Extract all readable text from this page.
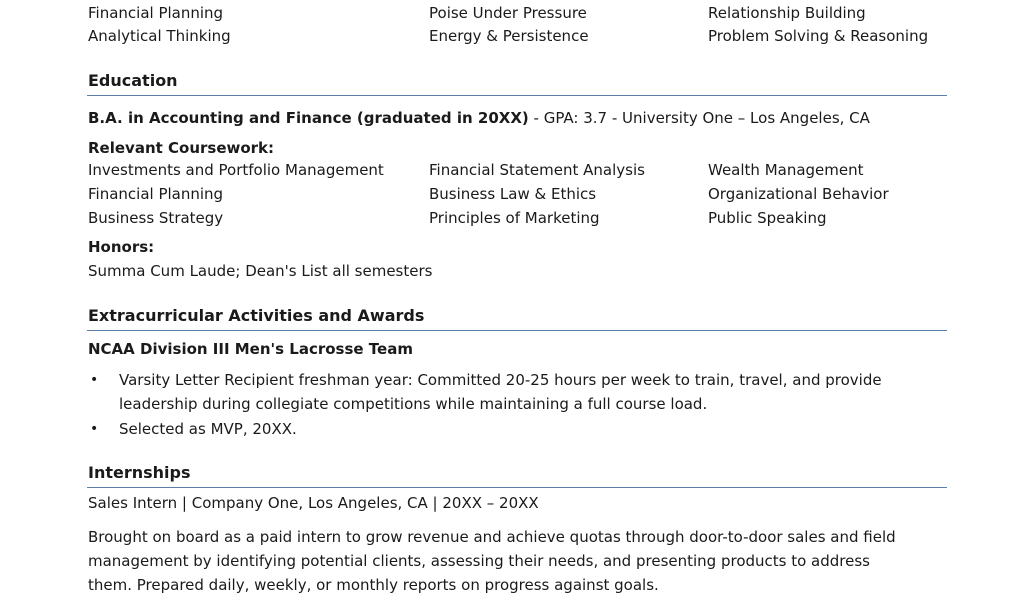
Financial Planning	Poise Under Pressure	Relationship Building
Analytical Thinking	Energy & Persistence	Problem Solving & Reasoning
Education
B.A. in Accounting and Finance (graduated in 20XX) - GPA: 3.7 - University One – Los Angeles, CA
Relevant Coursework:
Investments and Portfolio Management	Financial Statement Analysis	Wealth Management
Financial Planning	Business Law & Ethics	Organizational Behavior
Business Strategy	Principles of Marketing	Public Speaking
Honors:
Summa Cum Laude; Dean's List all semesters
Extracurricular Activities and Awards
NCAA Division III Men's Lacrosse Team
• Varsity Letter Recipient freshman year: Committed 20-25 hours per week to train, travel, and provide leadership during collegiate competitions while maintaining a full course load.
• Selected as MVP, 20XX.
Internships
Sales Intern | Company One, Los Angeles, CA | 20XX – 20XX
Brought on board as a paid intern to grow revenue and achieve quotas through door-to-door sales and field management by identifying potential clients, assessing their needs, and presenting products to address them. Prepared daily, weekly, or monthly reports on progress against goals.
